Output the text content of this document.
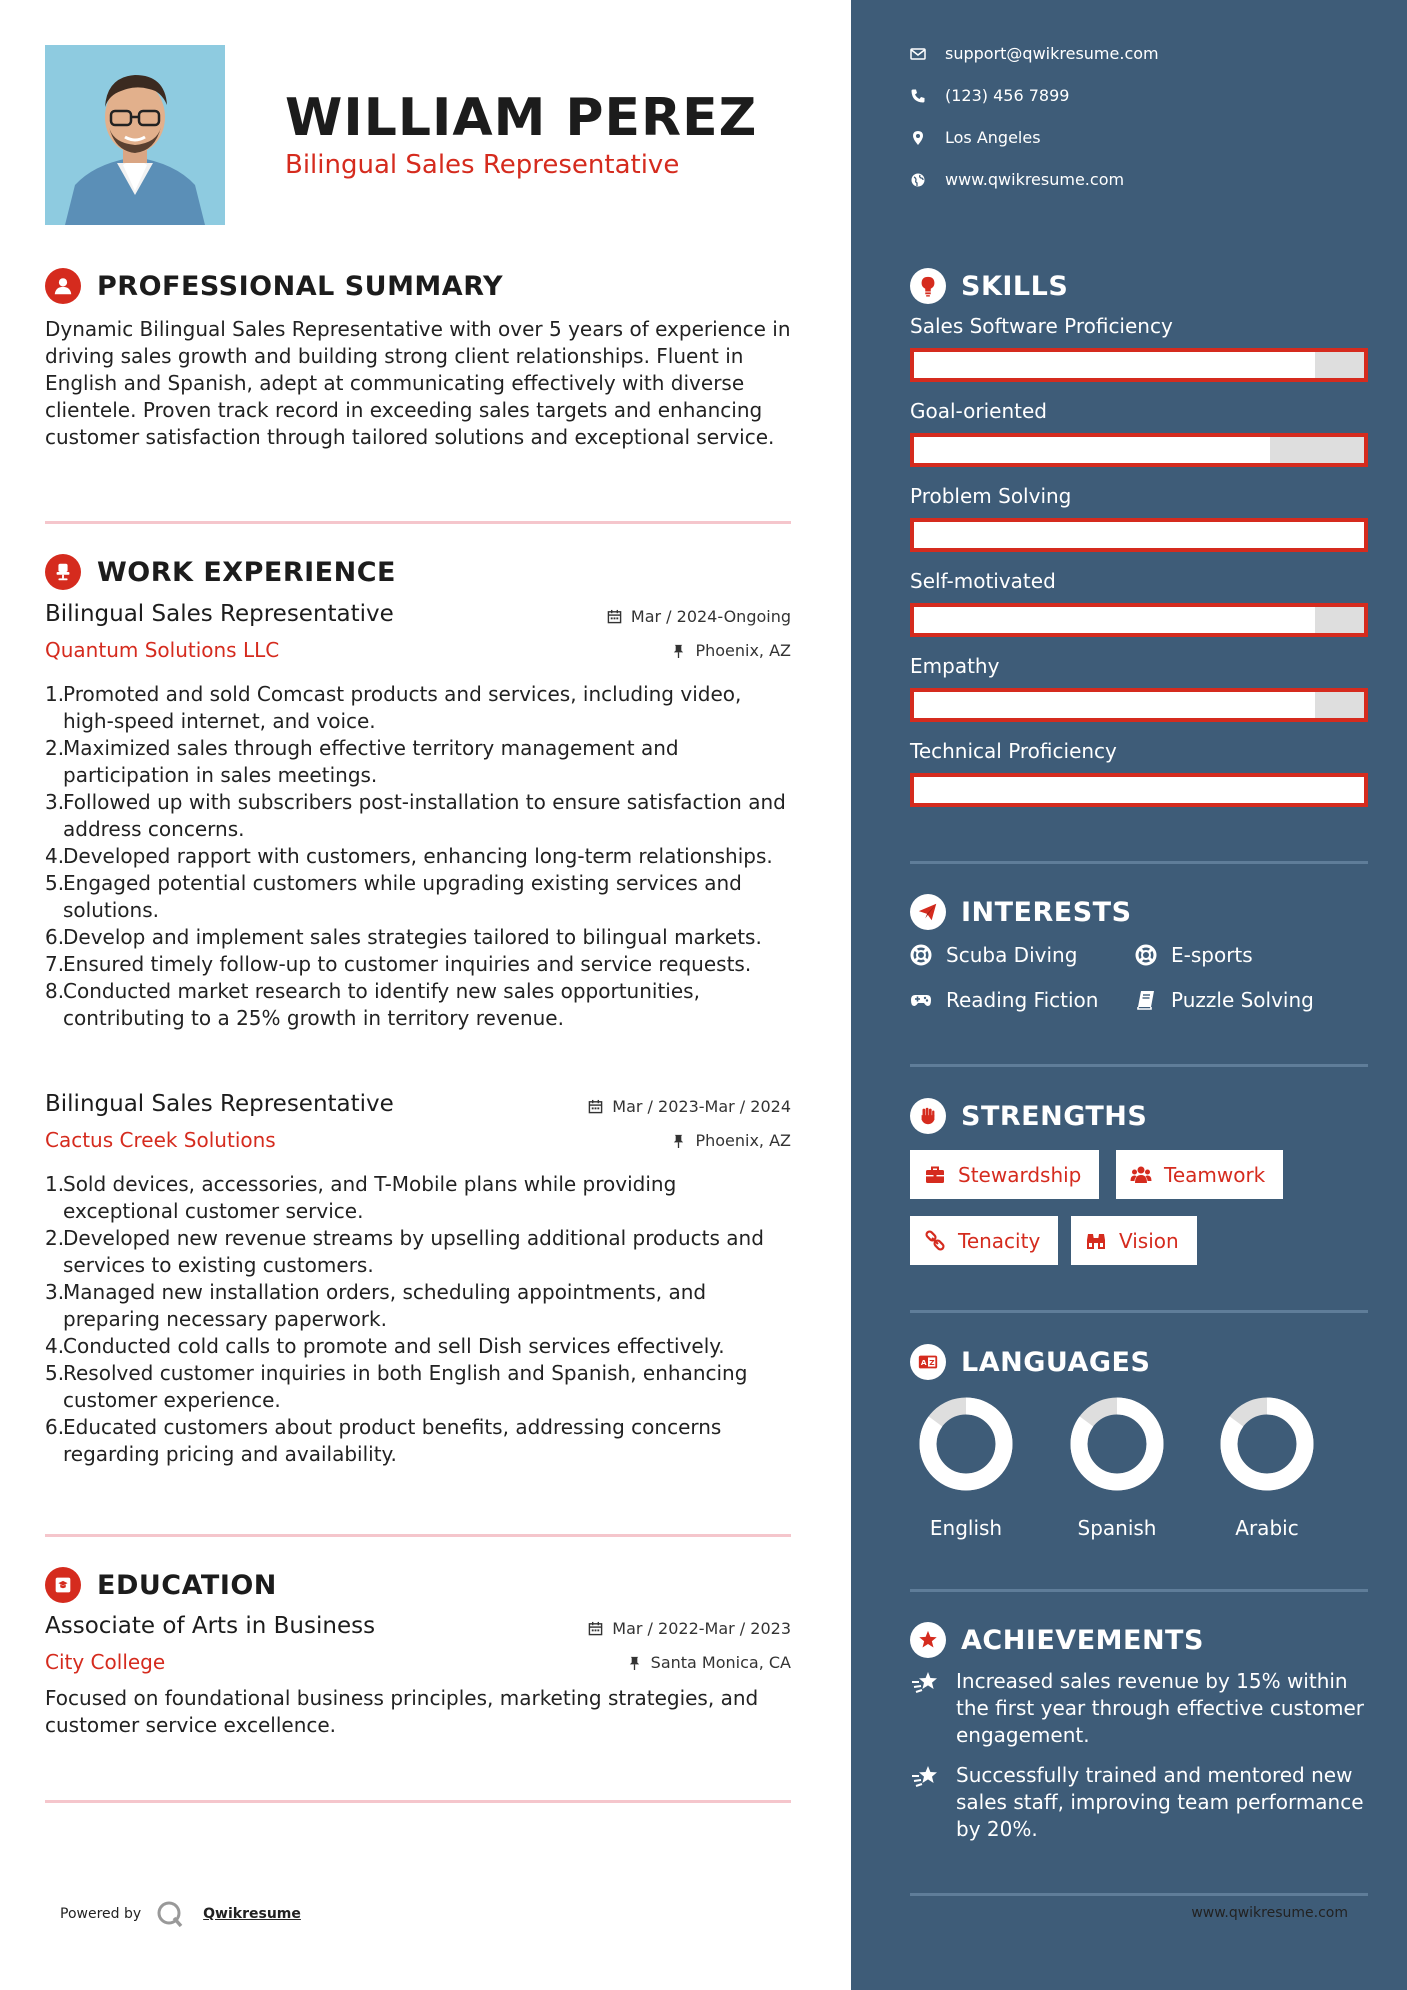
WILLIAM PEREZ
Bilingual Sales Representative
PROFESSIONAL SUMMARY
Dynamic Bilingual Sales Representative with over 5 years of experience in driving sales growth and building strong client relationships. Fluent in English and Spanish, adept at communicating effectively with diverse clientele. Proven track record in exceeding sales targets and enhancing customer satisfaction through tailored solutions and exceptional service.
WORK EXPERIENCE
Bilingual Sales Representative	Mar / 2024-Ongoing
Quantum Solutions LLC	Phoenix, AZ
1.
Promoted and sold Comcast products and services, including video, high-speed internet, and voice.
2.
Maximized sales through effective territory management and participation in sales meetings.
3.
Followed up with subscribers post-installation to ensure satisfaction and address concerns.
4.
Developed rapport with customers, enhancing long-term relationships.
5.
Engaged potential customers while upgrading existing services and solutions.
6.
Develop and implement sales strategies tailored to bilingual markets.
7.
Ensured timely follow-up to customer inquiries and service requests.
8.
Conducted market research to identify new sales opportunities, contributing to a 25% growth in territory revenue.
Bilingual Sales Representative	Mar / 2023-Mar / 2024
Cactus Creek Solutions	Phoenix, AZ
1.
Sold devices, accessories, and T-Mobile plans while providing exceptional customer service.
2.
Developed new revenue streams by upselling additional products and services to existing customers.
3.
Managed new installation orders, scheduling appointments, and preparing necessary paperwork.
4.
Conducted cold calls to promote and sell Dish services effectively.
5.
Resolved customer inquiries in both English and Spanish, enhancing customer experience.
6.
Educated customers about product benefits, addressing concerns regarding pricing and availability.
EDUCATION
Associate of Arts in Business	Mar / 2022-Mar / 2023
City College	Santa Monica, CA
Focused on foundational business principles, marketing strategies, and customer service excellence.
Powered by	Qwikresume
support@qwikresume.com
(123) 456 7899
Los Angeles
www.qwikresume.com
SKILLS
Sales Software Proficiency
Goal-oriented
Problem Solving
Self-motivated
Empathy
Technical Proficiency
INTERESTS
Scuba Diving	E-sports
Reading Fiction	Puzzle Solving
STRENGTHS
Stewardship	Teamwork
Tenacity	Vision
A Z LANGUAGES
English	Spanish	Arabic
ACHIEVEMENTS
Increased sales revenue by 15% within the first year through effective customer engagement.
Successfully trained and mentored new sales staff, improving team performance by 20%.
www.qwikresume.com
